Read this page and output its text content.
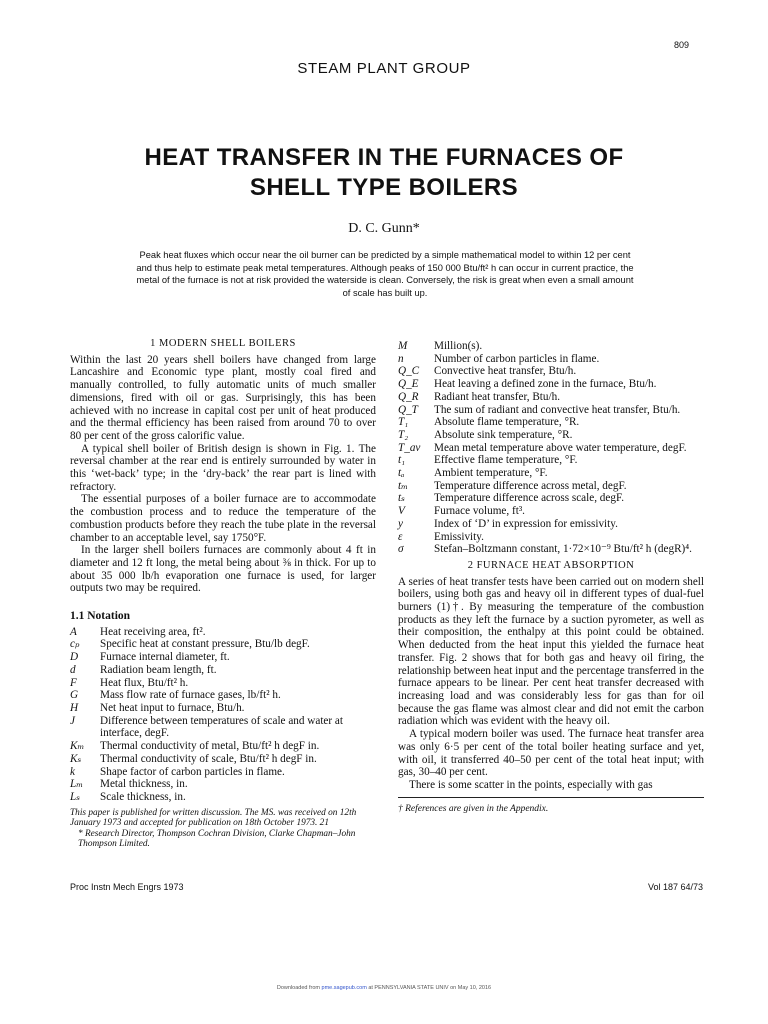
809
STEAM PLANT GROUP
HEAT TRANSFER IN THE FURNACES OF
SHELL TYPE BOILERS
D. C. Gunn*
Peak heat fluxes which occur near the oil burner can be predicted by a simple mathematical model to within 12 per cent and thus help to estimate peak metal temperatures. Although peaks of 150 000 Btu/ft² h can occur in current practice, the metal of the furnace is not at risk provided the waterside is clean. Conversely, the risk is great when even a small amount of scale has built up.
1 MODERN SHELL BOILERS

Within the last 20 years shell boilers have changed from large Lancashire and Economic type plant, mostly coal fired and manually controlled, to fully automatic units of much smaller dimensions, fired with oil or gas. Surprisingly, this has been achieved with no increase in capital cost per unit of heat produced and the thermal efficiency has been raised from around 70 to over 80 per cent of the gross calorific value.

A typical shell boiler of British design is shown in Fig. 1. The reversal chamber at the rear end is entirely surrounded by water in this ‘wet-back’ type; in the ‘dry-back’ the rear part is lined with refractory.

The essential purposes of a boiler furnace are to accommodate the combustion process and to reduce the temperature of the combustion products before they reach the tube plate in the reversal chamber to an acceptable level, say 1750°F.

In the larger shell boilers furnaces are commonly about 4 ft in diameter and 12 ft long, the metal being about ⅜ in thick. For up to about 35 000 lb/h evaporation one furnace is used, for larger outputs two may be required.

1.1 Notation
A	Heat receiving area, ft².
cₚ	Specific heat at constant pressure, Btu/lb degF.
D	Furnace internal diameter, ft.
d	Radiation beam length, ft.
F	Heat flux, Btu/ft² h.
G	Mass flow rate of furnace gases, lb/ft² h.
H	Net heat input to furnace, Btu/h.
J	Difference between temperatures of scale and water at interface, degF.
Kₘ	Thermal conductivity of metal, Btu/ft² h degF in.
Kₛ	Thermal conductivity of scale, Btu/ft² h degF in.
k	Shape factor of carbon particles in flame.
Lₘ	Metal thickness, in.
Lₛ	Scale thickness, in.

This paper is published for written discussion. The MS. was received on 12th January 1973 and accepted for publication on 18th October 1973. 21

* Research Director, Thompson Cochran Division, Clarke Chapman–John Thompson Limited.

M	Million(s).
n	Number of carbon particles in flame.
Q_C	Convective heat transfer, Btu/h.
Q_E	Heat leaving a defined zone in the furnace, Btu/h.
Q_R	Radiant heat transfer, Btu/h.
Q_T	The sum of radiant and convective heat transfer, Btu/h.
T₁	Absolute flame temperature, °R.
T₂	Absolute sink temperature, °R.
T_av	Mean metal temperature above water temperature, degF.
t₁	Effective flame temperature, °F.
tₐ	Ambient temperature, °F.
tₘ	Temperature difference across metal, degF.
tₛ	Temperature difference across scale, degF.
V	Furnace volume, ft³.
y	Index of ‘D’ in expression for emissivity.
ε	Emissivity.
σ	Stefan–Boltzmann constant, 1·72×10⁻⁹ Btu/ft² h (degR)⁴.
2 FURNACE HEAT ABSORPTION

A series of heat transfer tests have been carried out on modern shell boilers, using both gas and heavy oil in different types of dual-fuel burners (1)†. By measuring the temperature of the combustion products as they left the furnace by a suction pyrometer, as well as their composition, the enthalpy at this point could be obtained. When deducted from the heat input this yielded the furnace heat transfer. Fig. 2 shows that for both gas and heavy oil firing, the relationship between heat input and the percentage transferred in the furnace appears to be linear. Per cent heat transfer decreased with increasing load and was considerably less for gas than for oil because the gas flame was almost clear and did not emit the carbon radiation which was evident with the heavy oil.

A typical modern boiler was used. The furnace heat transfer area was only 6·5 per cent of the total boiler heating surface and yet, with oil, it transferred 40–50 per cent of the total heat input; with gas, 30–40 per cent.

There is some scatter in the points, especially with gas

† References are given in the Appendix.
Proc Instn Mech Engrs 1973	Vol 187 64/73
Downloaded from pme.sagepub.com at PENNSYLVANIA STATE UNIV on May 10, 2016
